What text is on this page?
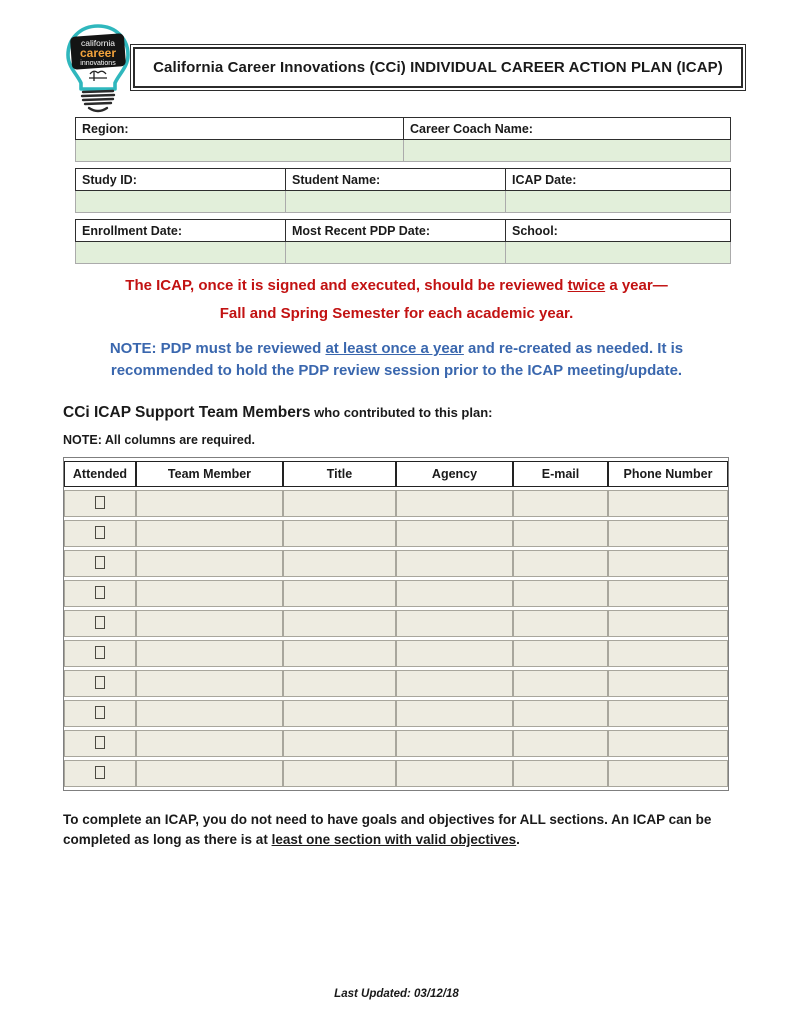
california
career
innovations California Career Innovations (CCi) INDIVIDUAL CAREER ACTION PLAN (ICAP)
Region:	Career Coach Name:

Study ID:	Student Name:	ICAP Date:

Enrollment Date:	Most Recent PDP Date:	School:

The ICAP, once it is signed and executed, should be reviewed twice a year—
Fall and Spring Semester for each academic year.
NOTE: PDP must be reviewed at least once a year and re-created as needed. It is
recommended to hold the PDP review session prior to the ICAP meeting/update.
CCi ICAP Support Team Members who contributed to this plan:
NOTE: All columns are required.
Attended	Team Member	Title	Agency	E-mail	Phone Number

To complete an ICAP, you do not need to have goals and objectives for ALL sections. An ICAP can be
completed as long as there is at least one section with valid objectives.
Last Updated: 03/12/18
